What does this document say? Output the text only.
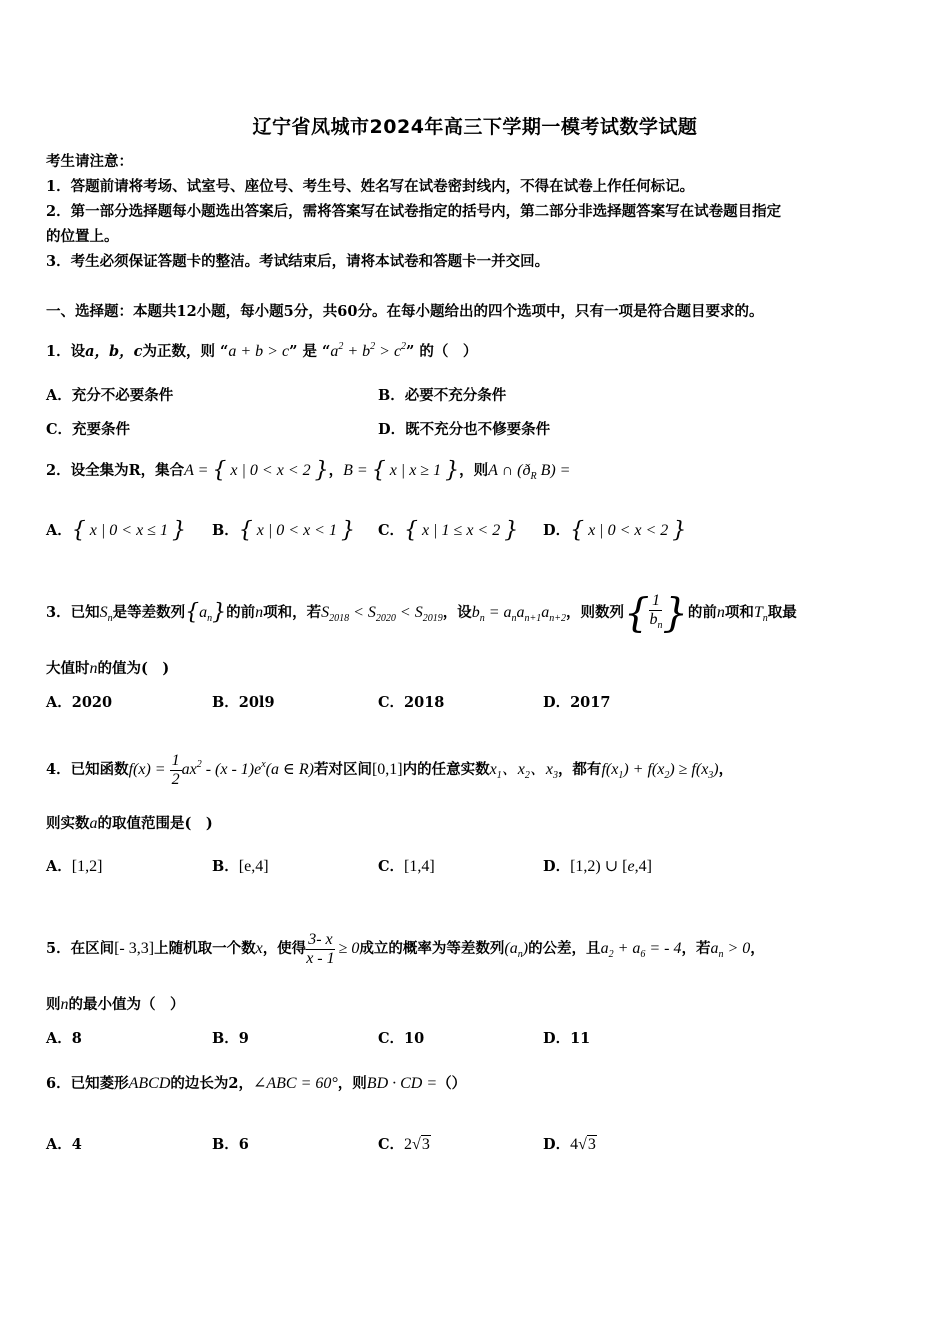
辽宁省凤城市2024年高三下学期一模考试数学试题
考生请注意：
1．答题前请将考场、试室号、座位号、考生号、姓名写在试卷密封线内，不得在试卷上作任何标记。
2．第一部分选择题每小题选出答案后，需将答案写在试卷指定的括号内，第二部分非选择题答案写在试卷题目指定
的位置上。
3．考生必须保证答题卡的整洁。考试结束后，请将本试卷和答题卡一并交回。
一、选择题：本题共12小题，每小题5分，共60分。在每小题给出的四个选项中，只有一项是符合题目要求的。
1．设a，b，c为正数，则 “a + b > c” 是 “$a^2 + b^2 > c^2$” 的（　）
A．充分不必要条件	B．必要不充分条件
C．充要条件	D．既不充分也不修要条件
2．设全集为R，集合A = { x | 0 < x < 2 }，B = { x | x ≥ 1 }，则A ∩ ($ð_R$ B) =
A．{ x | 0 < x ≤ 1 } B．{ x | 0 < x < 1 } C．{ x | 1 ≤ x < 2 } D．{ x | 0 < x < 2 }
3．已知$S_n$是等差数列$\{a_n\}$的前n项和，若$S_{2018} < S_{2020} < S_{2019}$，设$b_n = a_na_{n+1}a_{n+2}$，则数列{ $\frac{1}{b_n}$ }的前n项和$T_n$取最
大值时n的值为(　)
A．2020	B．20l9	C．2018	D．2017
4．已知函数$f(x) = \frac{1}{2} ax^2 - (x - 1)e^x(a$ ∈ R)若对区间[0,1]内的任意实数$x_1$、$x_2$、$x_3$，都有$f(x_1) + f(x_2) \ge f(x_3)$，
则实数a的取值范围是(　)
A．[1,2]	B．[e,4]	C．[1,4]	D．[1,2) ∪ [e,4]
5．在区间[- 3,3]上随机取一个数x，使得 $\frac{3- x}{x - 1} \ge 0$成立的概率为等差数列$(a_n)$的公差，且$a_2 + a_6$ = - 4，若$a_n > 0$，
则n的最小值为（　）
A．8	B．9	C．10	D．11
6．已知菱形ABCD的边长为2，∠ABC = 60°，则BD · CD =（）
A．4	B．6	C．2√3	D．4√3
